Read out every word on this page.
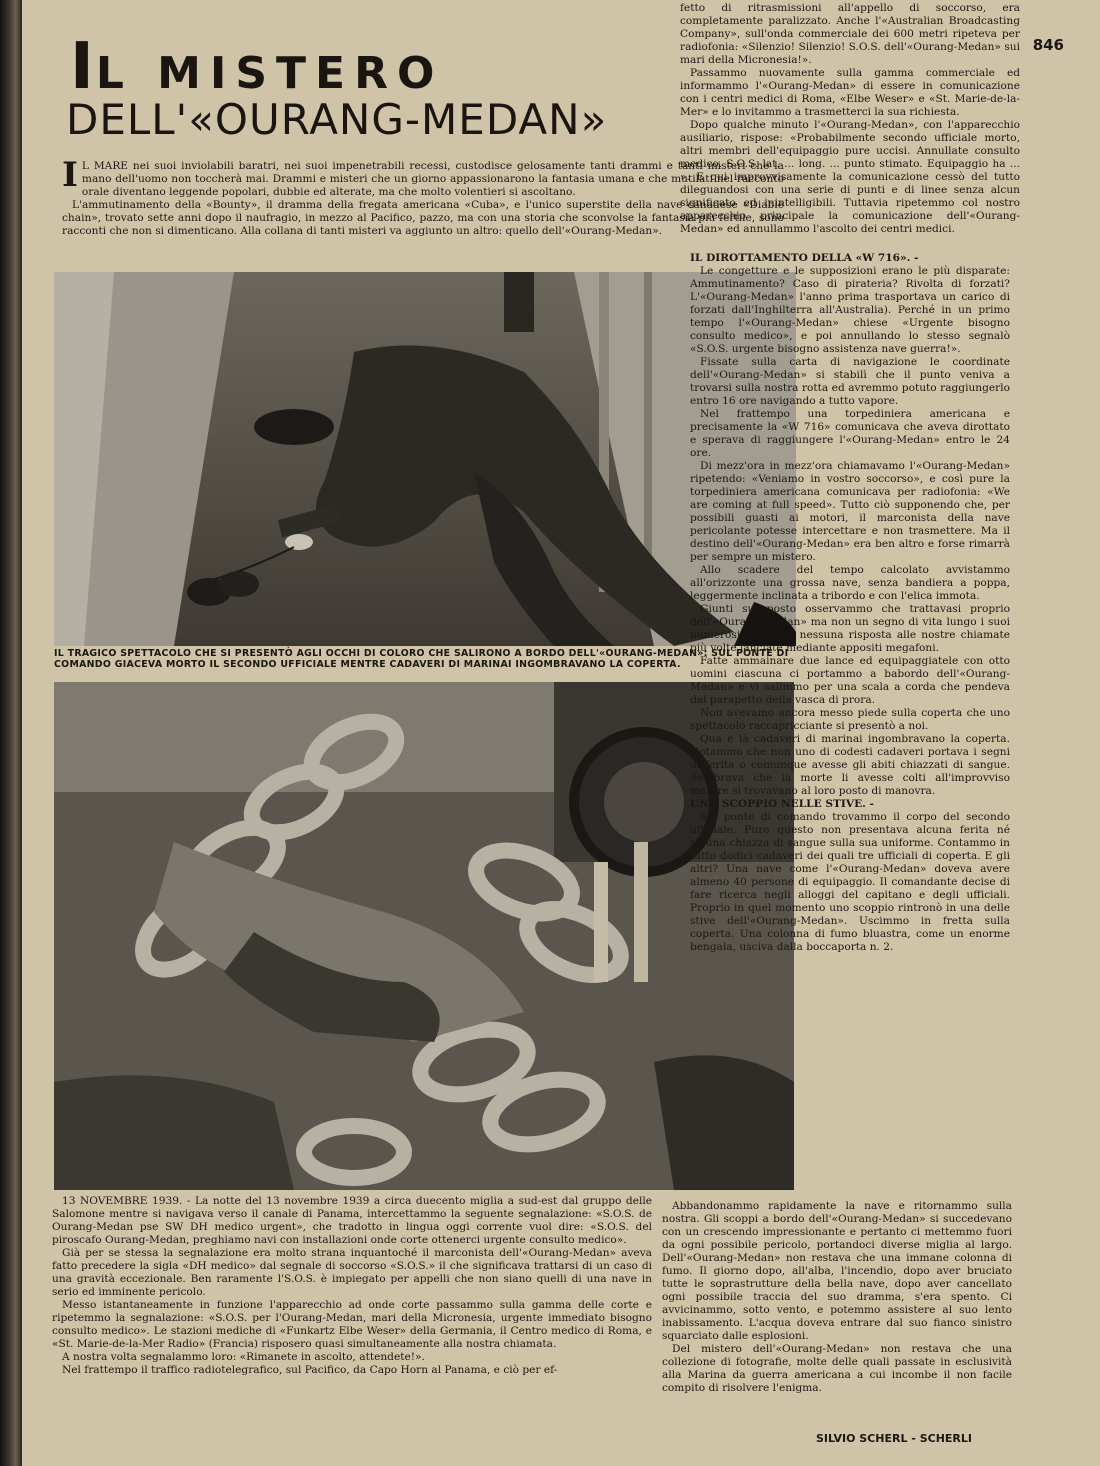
846
IL MISTERO
DELL'«OURANG-MEDAN»

I L MARE nei suoi inviolabili baratri, nei suoi impenetrabili recessi, custodisce gelosamente tanti drammi e tanti misteri che la mano dell'uomo non toccherà mai. Drammi e misteri che un giorno appassionarono la fantasia umana e che mutilati nel racconto orale diventano leggende popolari, dubbie ed alterate, ma che molto volentieri si ascoltano.

L'ammutinamento della «Bounty», il dramma della fregata americana «Cuba», e l'unico superstite della nave canadese «Diable chain», trovato sette anni dopo il naufragio, in mezzo al Pacifico, pazzo, ma con una storia che sconvolse la fantasia più fertile, sono racconti che non si dimenticano. Alla collana di tanti misteri va aggiunto un altro: quello dell'«Ourang-Medan».

IL TRAGICO SPETTACOLO CHE SI PRESENTÒ AGLI OCCHI DI COLORO CHE SALIRONO A BORDO DELL'«OURANG-MEDAN»: SUL PONTE DI COMANDO GIACEVA MORTO IL SECONDO UFFICIALE MENTRE CADAVERI DI MARINAI INGOMBRAVANO LA COPERTA.

13 NOVEMBRE 1939. - La notte del 13 novembre 1939 a circa duecento miglia a sud-est dal gruppo delle Salomone mentre si navigava verso il canale di Panama, intercettammo la seguente segnalazione: «S.O.S. de Ourang-Medan pse SW DH medico urgent», che tradotto in lingua oggi corrente vuol dire: «S.O.S. del piroscafo Ourang-Medan, preghiamo navi con installazioni onde corte ottenerci urgente consulto medico».

Già per se stessa la segnalazione era molto strana inquantoché il marconista dell'«Ourang-Medan» aveva fatto precedere la sigla «DH medico» dal segnale di soccorso «S.O.S.» il che significava trattarsi di un caso di una gravità eccezionale. Ben raramente l'S.O.S. è impiegato per appelli che non siano quelli di una nave in serio ed imminente pericolo.

Messo istantaneamente in funzione l'apparecchio ad onde corte passammo sulla gamma delle corte e ripetemmo la segnalazione: «S.O.S. per l'Ourang-Medan, mari della Micronesia, urgente immediato bisogno consulto medico». Le stazioni mediche di «Funkartz Elbe Weser» della Germania, il Centro medico di Roma, e «St. Marie-de-la-Mer Radio» (Francia) risposero quasi simultaneamente alla nostra chiamata.

A nostra volta segnalammo loro: «Rimanete in ascolto, attendete!».

Nel frattempo il traffico radiotelegrafico, sul Pacifico, da Capo Horn al Panama, e ciò per ef-

fetto di ritrasmissioni all'appello di soccorso, era completamente paralizzato. Anche l'«Australian Broadcasting Company», sull'onda commerciale dei 600 metri ripeteva per radiofonia: «Silenzio! Silenzio! S.O.S. dell'«Ourang-Medan» sui mari della Micronesia!».

Passammo nuovamente sulla gamma commerciale ed informammo l'«Ourang-Medan» di essere in comunicazione con i centri medici di Roma, «Elbe Weser» e «St. Marie-de-la-Mer» e lo invitammo a trasmetterci la sua richiesta.

Dopo qualche minuto l'«Ourang-Medan», con l'apparecchio ausiliario, rispose: «Probabilmente secondo ufficiale morto, altri membri dell'equipaggio pure uccisi. Annullate consulto medico. S.O.S. lat. ... long. ... punto stimato. Equipaggio ha ... ». E qui improvvisamente la comunicazione cessò del tutto dileguandosi con una serie di punti e di linee senza alcun significato ed inintelligibili. Tuttavia ripetemmo col nostro apparecchio principale la comunicazione dell'«Ourang-Medan» ed annullammo l'ascolto dei centri medici.

IL DIROTTAMENTO DELLA «W 716». -

Le congetture e le supposizioni erano le più disparate: Ammutinamento? Caso di pirateria? Rivolta di forzati? L'«Ourang-Medan» l'anno prima trasportava un carico di forzati dall'Inghilterra all'Australia). Perché in un primo tempo l'«Ourang-Medan» chiese «Urgente bisogno consulto medico», e poi annullando lo stesso segnalò «S.O.S. urgente bisogno assistenza nave guerra!».

Fissate sulla carta di navigazione le coordinate dell'«Ourang-Medan» si stabilì che il punto veniva a trovarsi sulla nostra rotta ed avremmo potuto raggiungerlo entro 16 ore navigando a tutto vapore.

Nel frattempo una torpediniera americana e precisamente la «W 716» comunicava che aveva dirottato e sperava di raggiungere l'«Ourang-Medan» entro le 24 ore.

Di mezz'ora in mezz'ora chiamavamo l'«Ourang-Medan» ripetendo: «Veniamo in vostro soccorso», e così pure la torpediniera americana comunicava per radiofonia: «We are coming at full speed». Tutto ciò supponendo che, per possibili guasti ai motori, il marconista della nave pericolante potesse intercettare e non trasmettere. Ma il destino dell'«Ourang-Medan» era ben altro e forse rimarrà per sempre un mistero.

Allo scadere del tempo calcolato avvistammo all'orizzonte una grossa nave, senza bandiera a poppa, leggermente inclinata a tribordo e con l'elica immota.

Giunti sul posto osservammo che trattavasi proprio dell'«Ourang-Medan» ma non un segno di vita lungo i suoi numerosi casseri e nessuna risposta alle nostre chiamate più volte lanciate mediante appositi megafoni.

Fatte ammainare due lance ed equipaggiatele con otto uomini ciascuna ci portammo a babordo dell'«Ourang-Medan» e vi salimmo per una scala a corda che pendeva dal parapetto della vasca di prora.

Non avevamo ancora messo piede sulla coperta che uno spettacolo raccapricciante si presentò a noi.

Qua e là cadaveri di marinai ingombravano la coperta. Notammo che non uno di codesti cadaveri portava i segni di ferita o comunque avesse gli abiti chiazzati di sangue. Sembrava che la morte li avesse colti all'improvviso mentre si trovavano al loro posto di manovra.

UNO SCOPPIO NELLE STIVE. -

Sul ponte di comando trovammo il corpo del secondo ufficiale. Pure questo non presentava alcuna ferita né alcuna chiazza di sangue sulla sua uniforme. Contammo in tutto dodici cadaveri dei quali tre ufficiali di coperta. E gli altri? Una nave come l'«Ourang-Medan» doveva avere almeno 40 persone di equipaggio. Il comandante decise di fare ricerca negli alloggi del capitano e degli ufficiali. Proprio in quel momento uno scoppio rintronò in una delle stive dell'«Ourang-Medan». Uscimmo in fretta sulla coperta. Una colonna di fumo bluastra, come un enorme bengala, usciva dalla boccaporta n. 2.

Abbandonammo rapidamente la nave e ritornammo sulla nostra. Gli scoppi a bordo dell'«Ourang-Medan» si succedevano con un crescendo impressionante e pertanto ci mettemmo fuori da ogni possibile pericolo, portandoci diverse miglia al largo. Dell'«Ourang-Medan» non restava che una immane colonna di fumo. Il giorno dopo, all'alba, l'incendio, dopo aver bruciato tutte le soprastrutture della bella nave, dopo aver cancellato ogni possibile traccia del suo dramma, s'era spento. Ci avvicinammo, sotto vento, e potemmo assistere al suo lento inabissamento. L'acqua doveva entrare dal suo fianco sinistro squarciato dalle esplosioni.

Del mistero dell'«Ourang-Medan» non restava che una collezione di fotografie, molte delle quali passate in esclusività alla Marina da guerra americana a cui incombe il non facile compito di risolvere l'enigma.

SILVIO SCHERL - SCHERLI
